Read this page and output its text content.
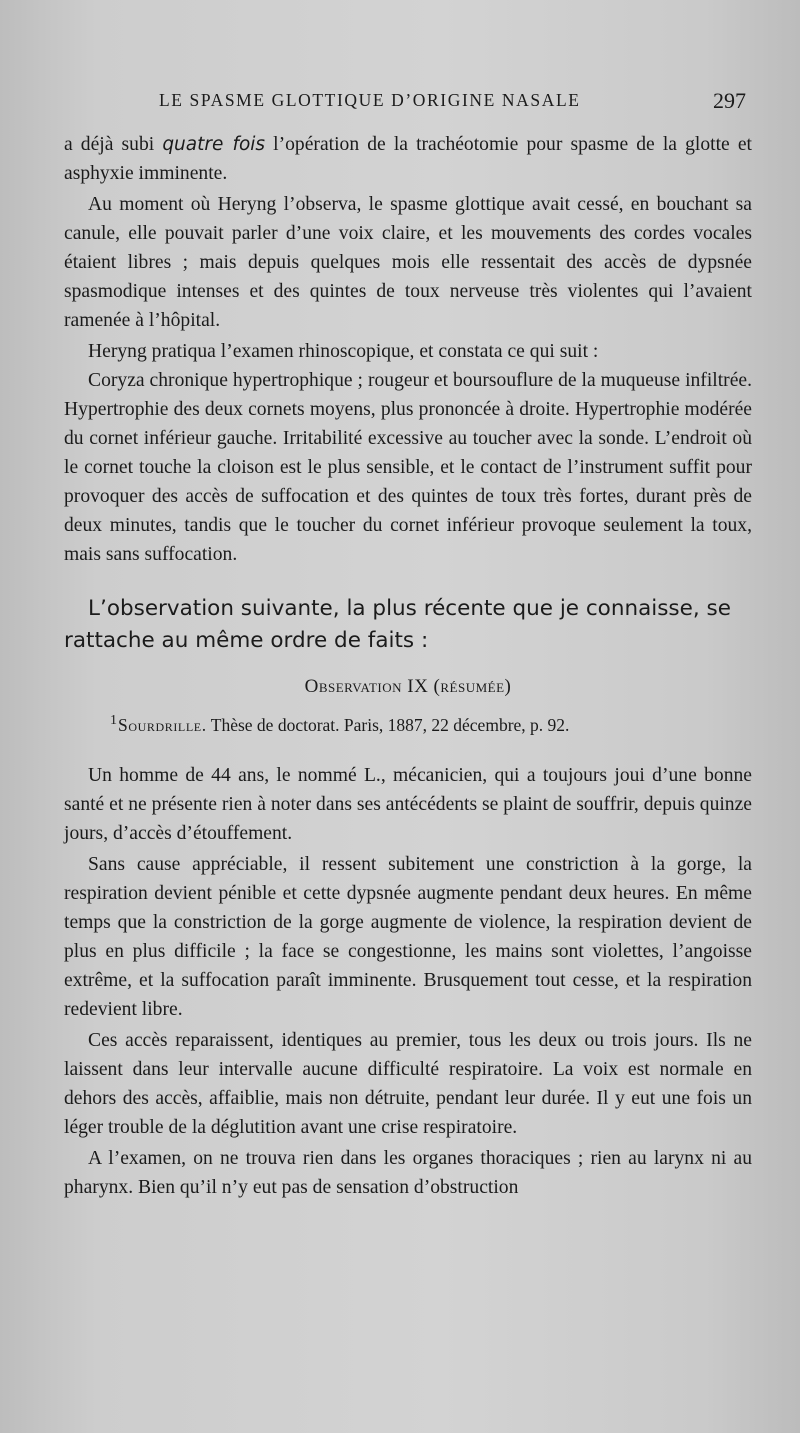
LE SPASME GLOTTIQUE D’ORIGINE NASALE	297

a déjà subi quatre fois l’opération de la trachéotomie pour spasme de la glotte et asphyxie imminente.

Au moment où Heryng l’observa, le spasme glottique avait cessé, en bouchant sa canule, elle pouvait parler d’une voix claire, et les mouvements des cordes vocales étaient libres ; mais depuis quelques mois elle ressentait des accès de dypsnée spasmodique intenses et des quintes de toux nerveuse très violentes qui l’avaient ramenée à l’hôpital.

Heryng pratiqua l’examen rhinoscopique, et constata ce qui suit :

Coryza chronique hypertrophique ; rougeur et boursouflure de la muqueuse infiltrée. Hypertrophie des deux cornets moyens, plus prononcée à droite. Hypertrophie modérée du cornet inférieur gauche. Irritabilité excessive au toucher avec la sonde. L’endroit où le cornet touche la cloison est le plus sensible, et le contact de l’instrument suffit pour provoquer des accès de suffocation et des quintes de toux très fortes, durant près de deux minutes, tandis que le toucher du cornet inférieur provoque seulement la toux, mais sans suffocation.

L’observation suivante, la plus récente que je connaisse, se rattache au même ordre de faits :

Observation IX (résumée)
$^1$Sourdrille. Thèse de doctorat. Paris, 1887, 22 décembre, p. 92.

Un homme de 44 ans, le nommé L., mécanicien, qui a toujours joui d’une bonne santé et ne présente rien à noter dans ses antécédents se plaint de souffrir, depuis quinze jours, d’accès d’étouffement.

Sans cause appréciable, il ressent subitement une constriction à la gorge, la respiration devient pénible et cette dypsnée augmente pendant deux heures. En même temps que la constriction de la gorge augmente de violence, la respiration devient de plus en plus difficile ; la face se congestionne, les mains sont violettes, l’angoisse extrême, et la suffocation paraît imminente. Brusquement tout cesse, et la respiration redevient libre.

Ces accès reparaissent, identiques au premier, tous les deux ou trois jours. Ils ne laissent dans leur intervalle aucune difficulté respiratoire. La voix est normale en dehors des accès, affaiblie, mais non détruite, pendant leur durée. Il y eut une fois un léger trouble de la déglutition avant une crise respiratoire.

A l’examen, on ne trouva rien dans les organes thoraciques ; rien au larynx ni au pharynx. Bien qu’il n’y eut pas de sensation d’obstruction
